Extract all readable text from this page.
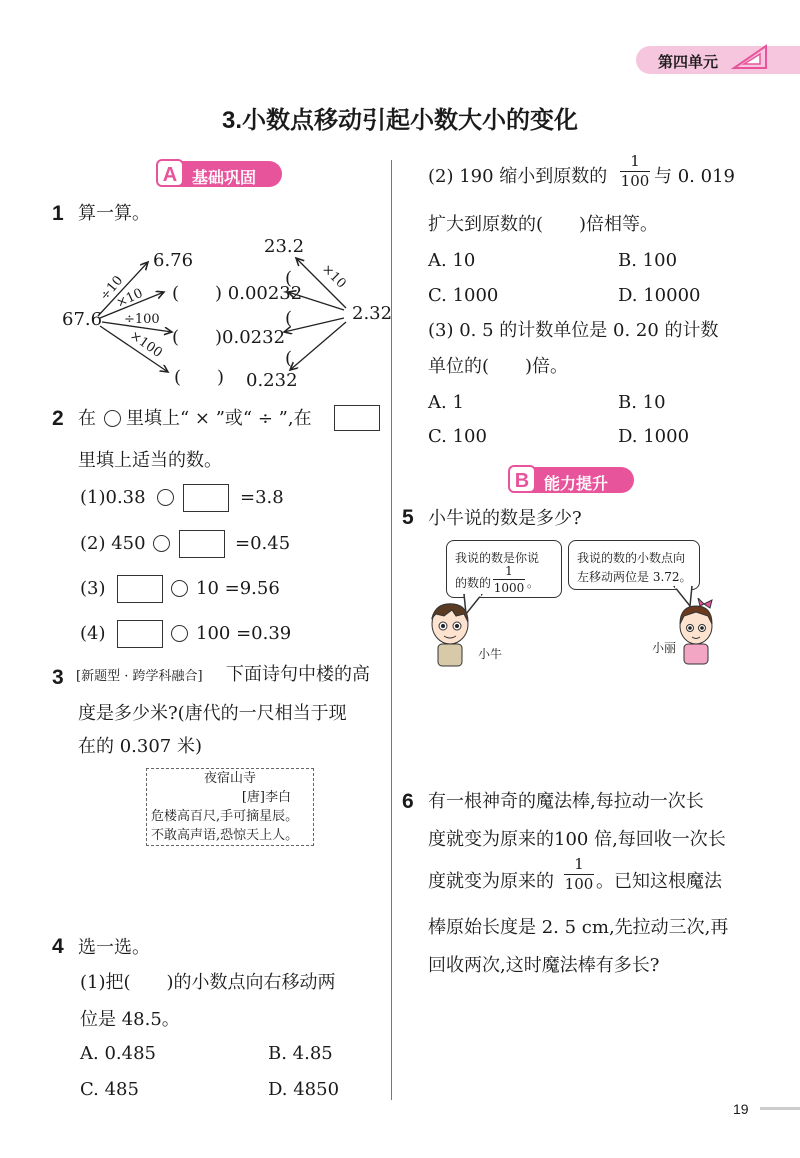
第四单元
3.小数点移动引起小数大小的变化
A 基础巩固
1 算一算。
67.6	2.32
÷10
×10
÷100
×100
×10
6.76
(　　) 0.00232
(　　)0.0232
(　　)
23.2
0.232
(
(
(
2 在 里填上“ × ”或“ ÷ ”,在
里填上适当的数。
(1)0.38	=3.8
(2) 450	=0.45
(3)	10 =9.56
(4)	100 =0.39
3 [新题型 · 跨学科融合] 下面诗句中楼的高
度是多少米?(唐代的一尺相当于现
在的 0.307 米)
夜宿山寺
[唐]李白
危楼高百尺,手可摘星辰。
不敢高声语,恐惊天上人。
4 选一选。
(1)把(　　)的小数点向右移动两
位是 48.5。
A. 0.485	B. 4.85
C. 485	D. 4850
(2) 190 缩小到原数的
1
100 与 0. 019
扩大到原数的(　　)倍相等。
A. 10	B. 100
C. 1000	D. 10000
(3) 0. 5 的计数单位是 0. 20 的计数
单位的(　　)倍。
A. 1	B. 10
C. 100	D. 1000
B 能力提升
5 小牛说的数是多少?
我说的数是你说
的数的
1
1000 。
我说的数的小数点向
左移动两位是 3.72。
小牛	小丽
6 有一根神奇的魔法棒,每拉动一次长
度就变为原来的100 倍,每回收一次长
度就变为原来的
1
100 。已知这根魔法
棒原始长度是 2. 5 cm,先拉动三次,再
回收两次,这时魔法棒有多长?
19
